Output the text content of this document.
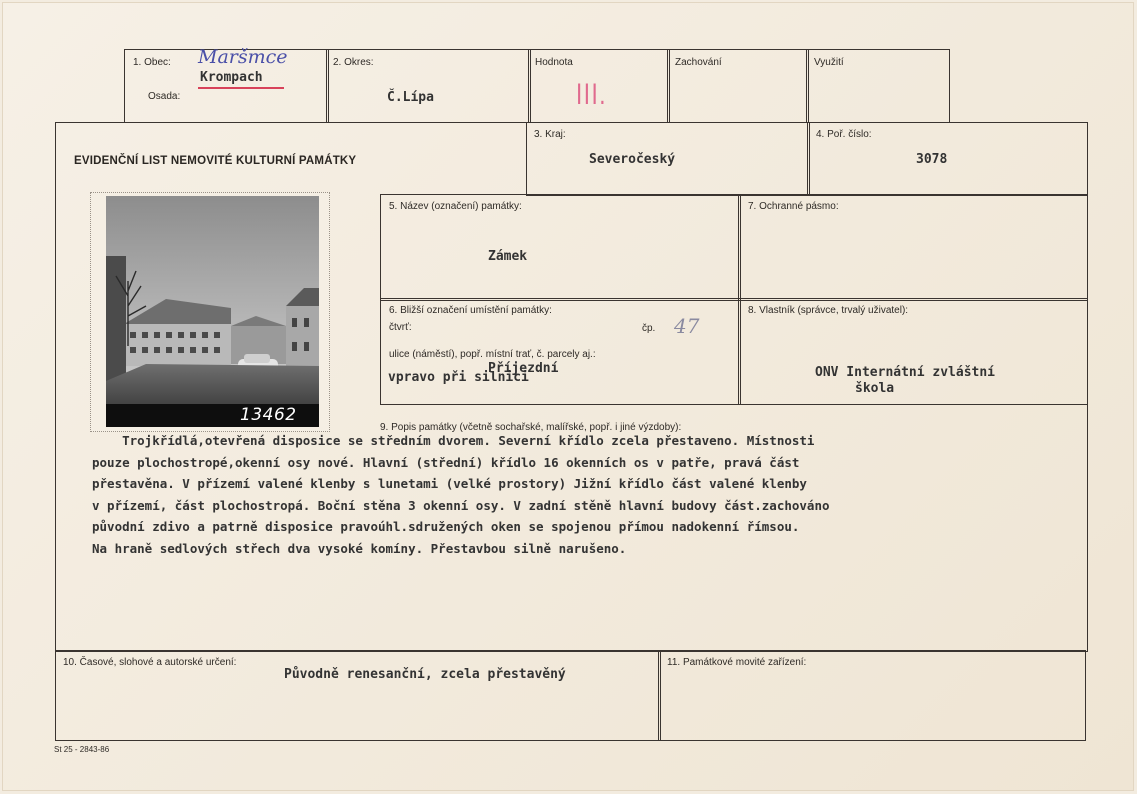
1. Obec: Maršmce
Krompach
Osada:
2. Okres:
Č.Lípa
Hodnota
III.
Zachování	Využití
EVIDENČNÍ LIST NEMOVITÉ KULTURNÍ PAMÁTKY
3. Kraj:
Severočeský
4. Poř. číslo:
3078
13462
5. Název (označení) památky:
Zámek
7. Ochranné pásmo:
6. Bližší označení umístění památky:
čtvrť:	čp. 47
ulice (náměstí), popř. místní trať, č. parcely aj.:
Příjezdní
vpravo při silnici
8. Vlastník (správce, trvalý uživatel):
ONV Internátní zvláštní
škola
9. Popis památky (včetně sochařské, malířské, popř. i jiné výzdoby):
Trojkřídlá,otevřená disposice se středním dvorem. Severní křídlo zcela přestaveno. Místnosti
pouze plochostropé,okenní osy nové. Hlavní (střední) křídlo 16 okenních os v patře, pravá část
přestavěna. V přízemí valené klenby s lunetami (velké prostory) Jižní křídlo část valené klenby
v přízemí, část plochostropá. Boční stěna 3 okenní osy. V zadní stěně hlavní budovy část.zachováno
původní zdivo a patrně disposice pravoúhl.sdružených oken se spojenou přímou nadokenní římsou.
Na hraně sedlových střech dva vysoké komíny. Přestavbou silně narušeno.
10. Časové, slohové a autorské určení:
Původně renesanční, zcela přestavěný
11. Památkové movité zařízení:
St 25 - 2843-86
